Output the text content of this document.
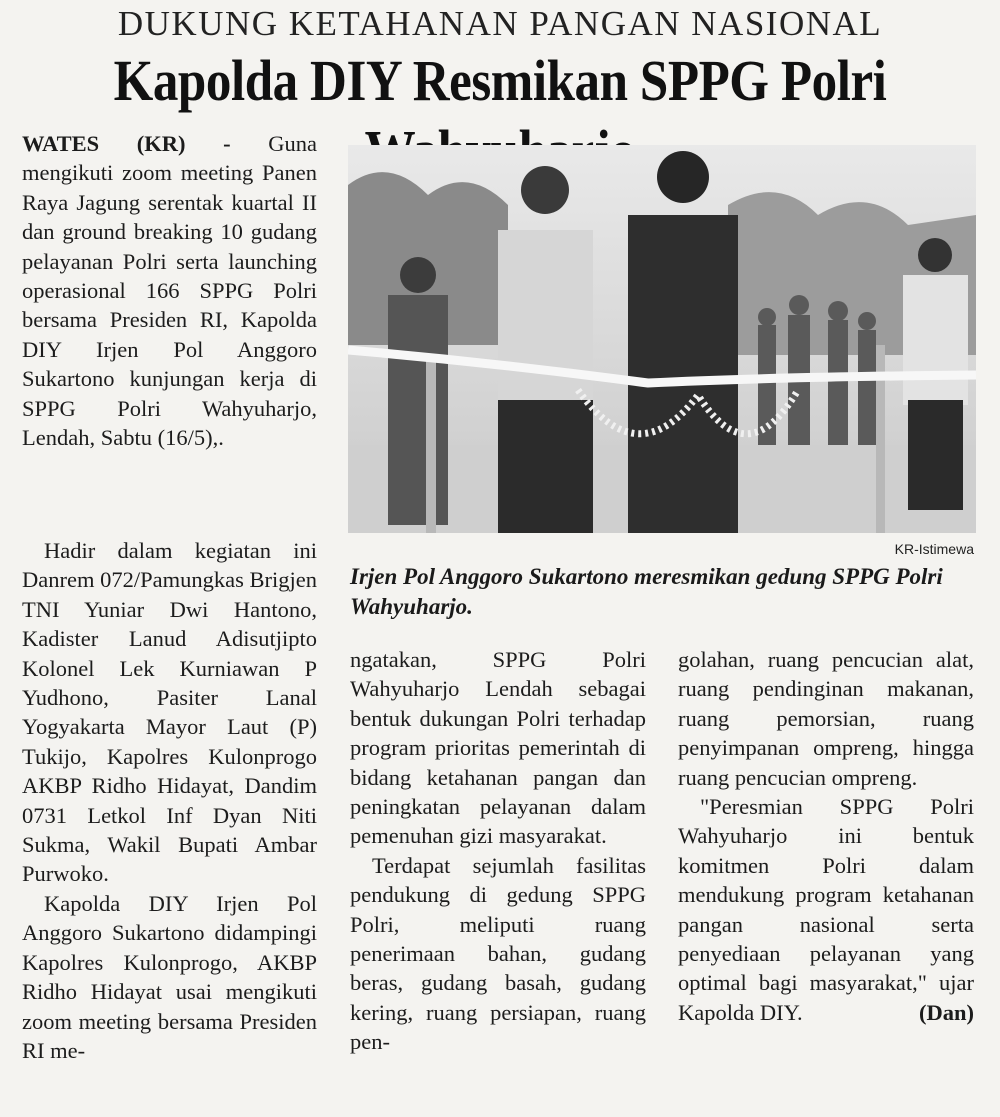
DUKUNG KETAHANAN PANGAN NASIONAL
Kapolda DIY Resmikan SPPG Polri

WATES (KR) - Guna mengikuti zoom meeting Panen Raya Jagung serentak kuartal II dan ground breaking 10 gudang pelayanan Polri serta launching operasional 166 SPPG Polri bersama Presiden RI, Kapolda DIY Irjen Pol Anggoro Sukartono kunjungan kerja di SPPG Polri Wahyuharjo, Lendah, Sabtu (16/5),.

Hadir dalam kegiatan ini Danrem 072/Pamungkas Brigjen TNI Yuniar Dwi Hantono, Kadister Lanud Adisutjipto Kolonel Lek Kurniawan P Yudhono, Pasiter Lanal Yogyakarta Mayor Laut (P) Tukijo, Kapolres Kulonprogo AKBP Ridho Hidayat, Dandim 0731 Letkol Inf Dyan Niti Sukma, Wakil Bupati Ambar Purwoko.

Kapolda DIY Irjen Pol Anggoro Sukartono didampingi Kapolres Kulonprogo, AKBP Ridho Hidayat usai mengikuti zoom meeting bersama Presiden RI me-

KR-Istimewa
Irjen Pol Anggoro Sukartono meresmikan gedung SPPG Polri Wahyuharjo.

ngatakan, SPPG Polri Wahyuharjo Lendah sebagai bentuk dukungan Polri terhadap program prioritas pemerintah di bidang ketahanan pangan dan peningkatan pelayanan dalam pemenuhan gizi masyarakat.

Terdapat sejumlah fasilitas pendukung di gedung SPPG Polri, meliputi ruang penerimaan bahan, gudang beras, gudang basah, gudang kering, ruang persiapan, ruang pen-

golahan, ruang pencucian alat, ruang pendinginan makanan, ruang pemorsian, ruang penyimpanan ompreng, hingga ruang pencucian ompreng.

"Peresmian SPPG Polri Wahyuharjo ini bentuk komitmen Polri dalam mendukung program ketahanan pangan nasional serta penyediaan pelayanan yang optimal bagi masyarakat," ujar Kapolda DIY.	(Dan)
